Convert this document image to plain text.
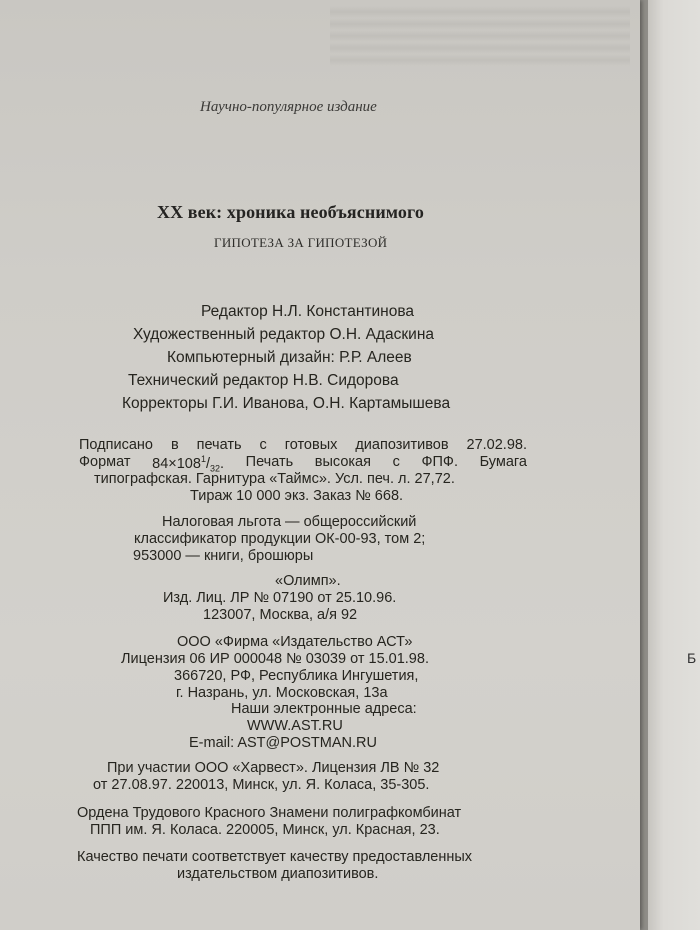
Б
Научно-популярное издание
XX век: хроника необъяснимого
ГИПОТЕЗА ЗА ГИПОТЕЗОЙ
Редактор Н.Л. Константинова
Художественный редактор О.Н. Адаскина
Компьютерный дизайн: Р.Р. Алеев
Технический редактор Н.В. Сидорова
Корректоры Г.И. Иванова, О.Н. Картамышева
Подписано в печать с готовых диапозитивов 27.02.98.
Формат $84\times 108^1/_{32}$. Печать высокая с ФПФ. Бумага
типографская. Гарнитура «Таймс». Усл. печ. л. 27,72.
Тираж 10 000 экз. Заказ № 668.
Налоговая льгота — общероссийский
классификатор продукции ОК-00-93, том 2;
953000 — книги, брошюры
«Олимп».
Изд. Лиц. ЛР № 07190 от 25.10.96.
123007, Москва, а/я 92
ООО «Фирма «Издательство АСТ»
Лицензия 06 ИР 000048 № 03039 от 15.01.98.
366720, РФ, Республика Ингушетия,
г. Назрань, ул. Московская, 13а
Наши электронные адреса:
WWW.AST.RU
E-mail: AST@POSTMAN.RU
При участии ООО «Харвест». Лицензия ЛВ № 32
от 27.08.97. 220013, Минск, ул. Я. Коласа, 35-305.
Ордена Трудового Красного Знамени полиграфкомбинат
ППП им. Я. Коласа. 220005, Минск, ул. Красная, 23.
Качество печати соответствует качеству предоставленных
издательством диапозитивов.
